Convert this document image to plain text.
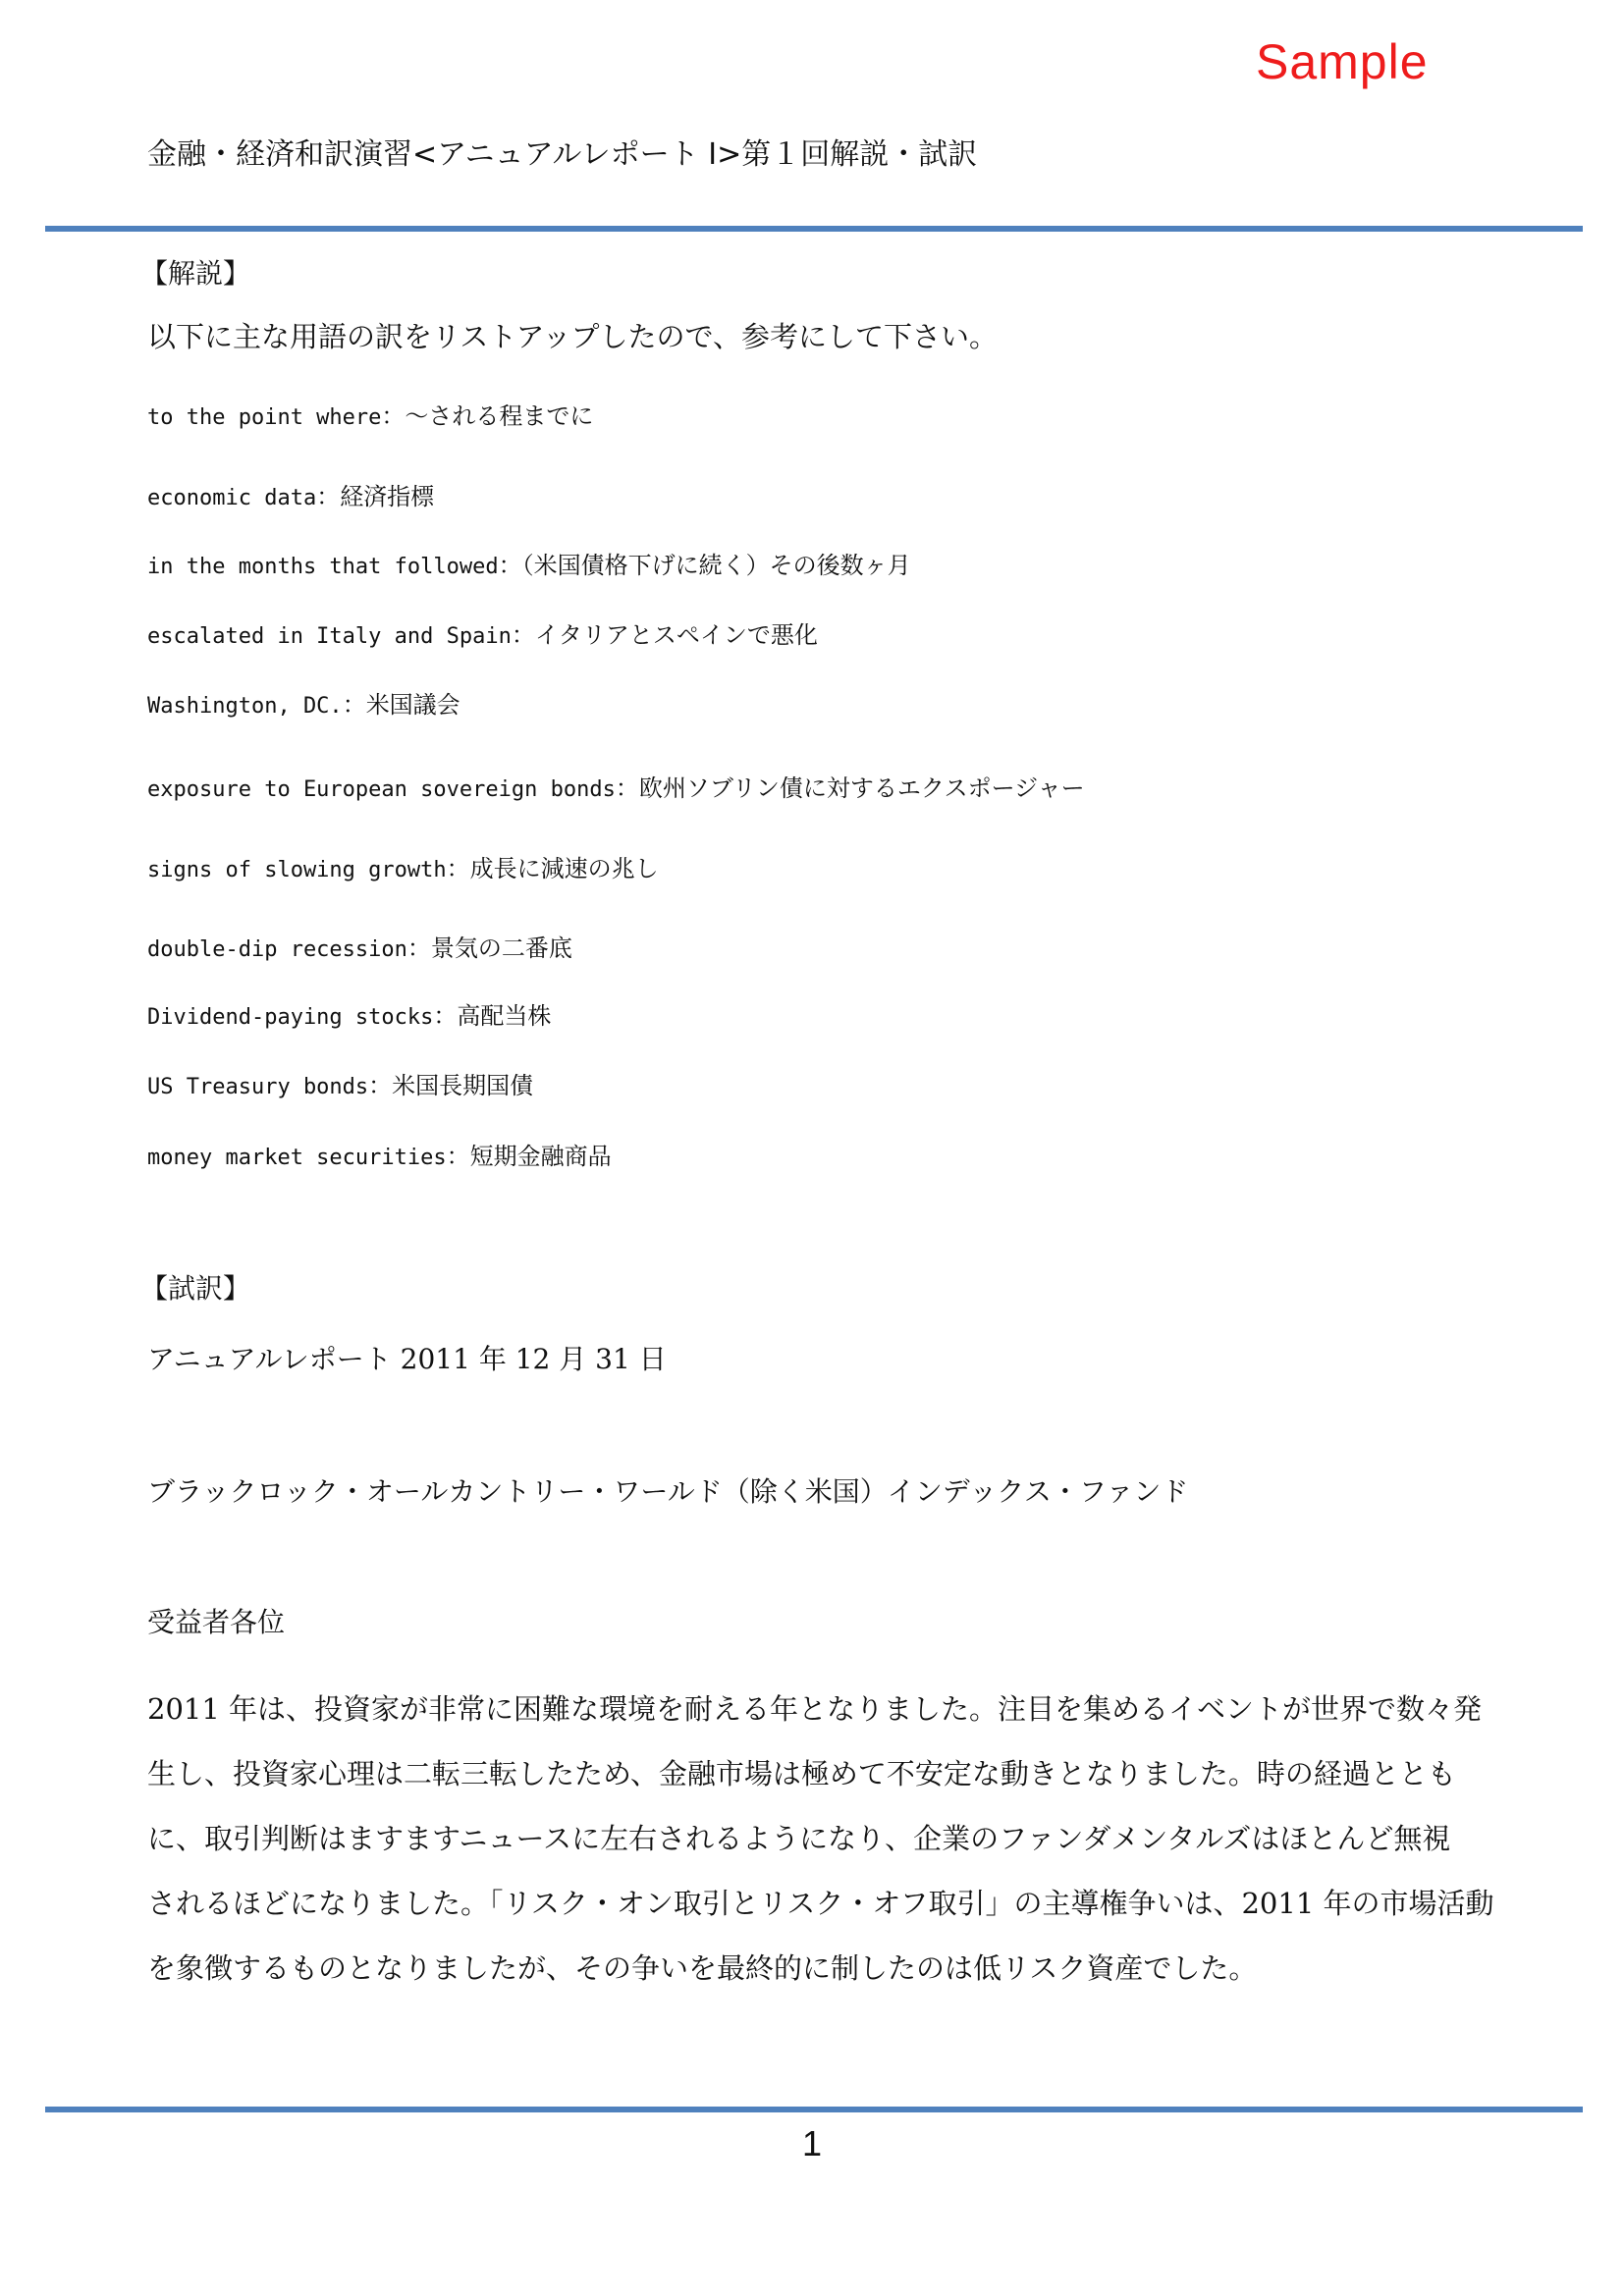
Sample
金融・経済和訳演習<アニュアルレポート I>第１回解説・試訳
【解説】
以下に主な用語の訳をリストアップしたので、参考にして下さい。
to the point where：〜される程までに
economic data：経済指標
in the months that followed：（米国債格下げに続く）その後数ヶ月
escalated in Italy and Spain：イタリアとスペインで悪化
Washington, DC.：米国議会
exposure to European sovereign bonds：欧州ソブリン債に対するエクスポージャー
signs of slowing growth：成長に減速の兆し
double-dip recession：景気の二番底
Dividend-paying stocks：高配当株
US Treasury bonds：米国長期国債
money market securities：短期金融商品
【試訳】
アニュアルレポート 2011 年 12 月 31 日
ブラックロック・オールカントリー・ワールド（除く米国）インデックス・ファンド
受益者各位
2011 年は、投資家が非常に困難な環境を耐える年となりました。注目を集めるイベントが世界で数々発
生し、投資家心理は二転三転したため、金融市場は極めて不安定な動きとなりました。時の経過ととも
に、取引判断はますますニュースに左右されるようになり、企業のファンダメンタルズはほとんど無視
されるほどになりました。「リスク・オン取引とリスク・オフ取引」の主導権争いは、2011 年の市場活動
を象徴するものとなりましたが、その争いを最終的に制したのは低リスク資産でした。
1
